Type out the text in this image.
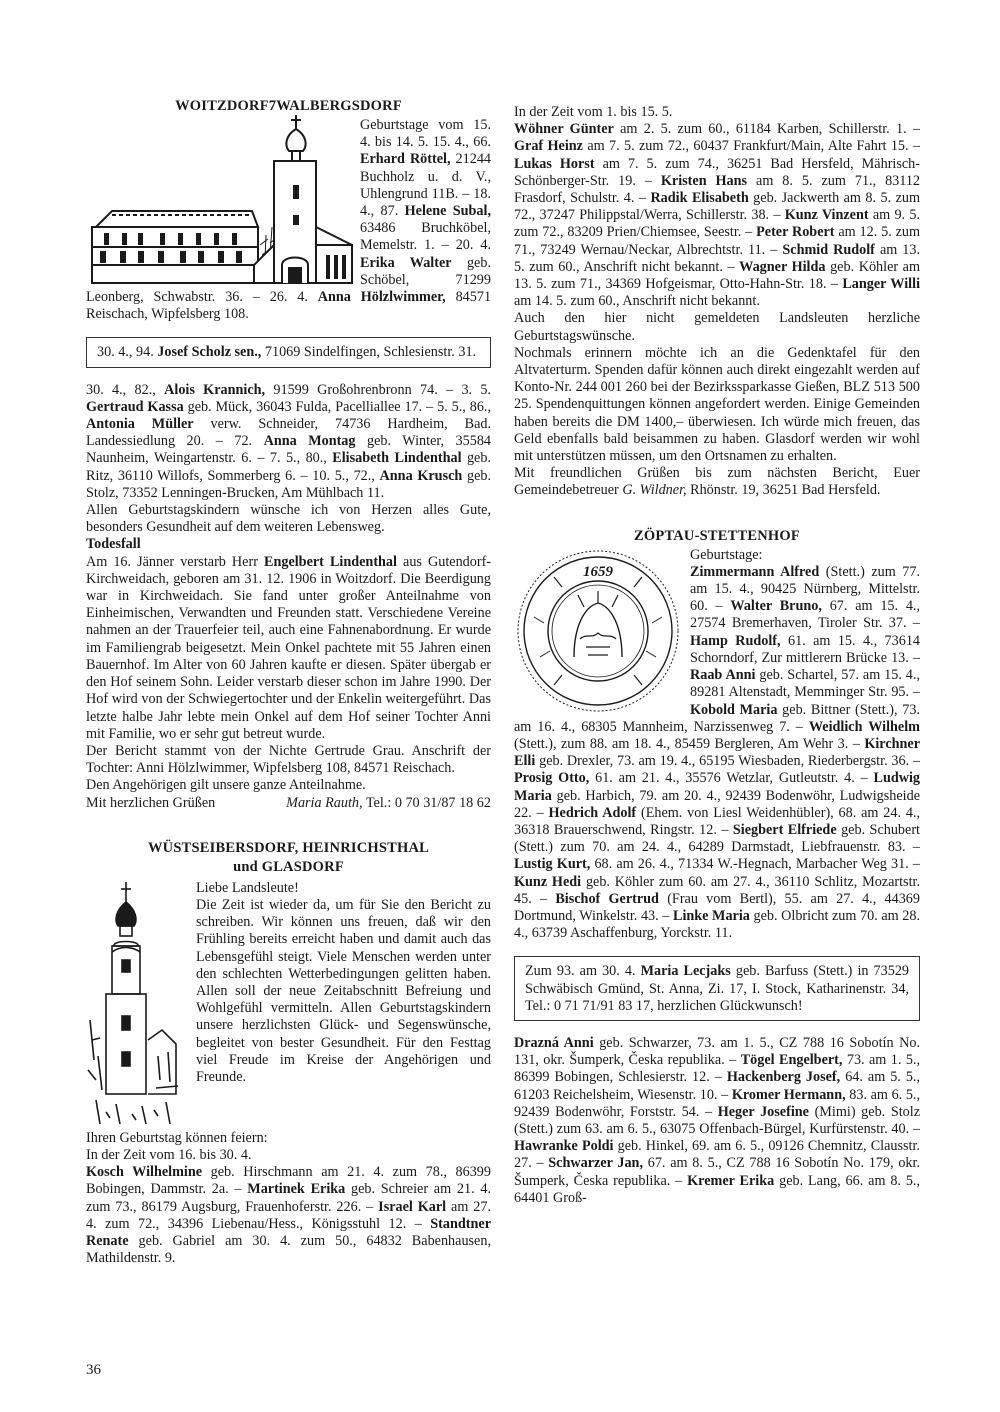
WOITZDORF7WALBERGSDORF

Geburtstage vom 15. 4. bis 14. 5. 15. 4., 66. Erhard Röttel, 21244 Buchholz u. d. V., Uhlengrund 11B. – 18. 4., 87. Helene Subal, 63486 Bruchköbel, Memelstr. 1. – 20. 4. Erika Walter geb. Schöbel, 71299 Leonberg, Schwabstr. 36. – 26. 4. Anna Hölzlwimmer, 84571 Reischach, Wipfelsberg 108.

30. 4., 94. Josef Scholz sen., 71069 Sindelfingen, Schlesienstr. 31.

30. 4., 82., Alois Krannich, 91599 Großohrenbronn 74. – 3. 5. Gertraud Kassa geb. Mück, 36043 Fulda, Pacelliallee 17. – 5. 5., 86., Antonia Müller verw. Schneider, 74736 Hardheim, Bad. Landessiedlung 20. – 72. Anna Montag geb. Winter, 35584 Naunheim, Weingartenstr. 6. – 7. 5., 80., Elisabeth Lindenthal geb. Ritz, 36110 Willofs, Sommerberg 6. – 10. 5., 72., Anna Krusch geb. Stolz, 73352 Lenningen-Brucken, Am Mühlbach 11.

Allen Geburtstagskindern wünsche ich von Herzen alles Gute, besonders Gesundheit auf dem weiteren Lebensweg.

Todesfall

Am 16. Jänner verstarb Herr Engelbert Lindenthal aus Gutendorf-Kirchweidach, geboren am 31. 12. 1906 in Woitzdorf. Die Beerdigung war in Kirchweidach. Sie fand unter großer Anteilnahme von Einheimischen, Verwandten und Freunden statt. Verschiedene Vereine nahmen an der Trauerfeier teil, auch eine Fahnenabordnung. Er wurde im Familiengrab beigesetzt. Mein Onkel pachtete mit 55 Jahren einen Bauernhof. Im Alter von 60 Jahren kaufte er diesen. Später übergab er den Hof seinem Sohn. Leider verstarb dieser schon im Jahre 1990. Der Hof wird von der Schwiegertochter und der Enkelin weitergeführt. Das letzte halbe Jahr lebte mein Onkel auf dem Hof seiner Tochter Anni mit Familie, wo er sehr gut betreut wurde.

Der Bericht stammt von der Nichte Gertrude Grau. Anschrift der Tochter: Anni Hölzlwimmer, Wipfelsberg 108, 84571 Reischach.

Den Angehörigen gilt unsere ganze Anteilnahme.

Mit herzlichen Grüßen	Maria Rauth, Tel.: 0 70 31/87 18 62

WÜSTSEIBERSDORF, HEINRICHSTHAL
und GLASDORF

Liebe Landsleute!

Die Zeit ist wieder da, um für Sie den Bericht zu schreiben. Wir können uns freuen, daß wir den Frühling bereits erreicht haben und damit auch das Lebensgefühl steigt. Viele Menschen werden unter den schlechten Wetterbedingungen gelitten haben. Allen soll der neue Zeitabschnitt Befreiung und Wohlgefühl vermitteln. Allen Geburtstagskindern unsere herzlichsten Glück- und Segenswünsche, begleitet von bester Gesundheit. Für den Festtag viel Freude im Kreise der Angehörigen und Freunde.

Ihren Geburtstag können feiern:

In der Zeit vom 16. bis 30. 4.

Kosch Wilhelmine geb. Hirschmann am 21. 4. zum 78., 86399 Bobingen, Dammstr. 2a. – Martinek Erika geb. Schreier am 21. 4. zum 73., 86179 Augsburg, Frauenhoferstr. 226. – Israel Karl am 27. 4. zum 72., 34396 Liebenau/Hess., Königsstuhl 12. – Standtner Renate geb. Gabriel am 30. 4. zum 50., 64832 Babenhausen, Mathildenstr. 9.

36

In der Zeit vom 1. bis 15. 5.

Wöhner Günter am 2. 5. zum 60., 61184 Karben, Schillerstr. 1. – Graf Heinz am 7. 5. zum 72., 60437 Frankfurt/Main, Alte Fahrt 15. – Lukas Horst am 7. 5. zum 74., 36251 Bad Hersfeld, Mährisch-Schönberger-Str. 19. – Kristen Hans am 8. 5. zum 71., 83112 Frasdorf, Schulstr. 4. – Radik Elisabeth geb. Jackwerth am 8. 5. zum 72., 37247 Philippstal/Werra, Schillerstr. 38. – Kunz Vinzent am 9. 5. zum 72., 83209 Prien/Chiemsee, Seestr. – Peter Robert am 12. 5. zum 71., 73249 Wernau/Neckar, Albrechtstr. 11. – Schmid Rudolf am 13. 5. zum 60., Anschrift nicht bekannt. – Wagner Hilda geb. Köhler am 13. 5. zum 71., 34369 Hofgeismar, Otto-Hahn-Str. 18. – Langer Willi am 14. 5. zum 60., Anschrift nicht bekannt.

Auch den hier nicht gemeldeten Landsleuten herzliche Geburtstagswünsche.

Nochmals erinnern möchte ich an die Gedenktafel für den Altvaterturm. Spenden dafür können auch direkt eingezahlt werden auf Konto-Nr. 244 001 260 bei der Bezirkssparkasse Gießen, BLZ 513 500 25. Spendenquittungen können angefordert werden. Einige Gemeinden haben bereits die DM 1400,– überwiesen. Ich würde mich freuen, das Geld ebenfalls bald beisammen zu haben. Glasdorf werden wir wohl mit unterstützen müssen, um den Ortsnamen zu erhalten.

Mit freundlichen Grüßen bis zum nächsten Bericht, Euer Gemeindebetreuer G. Wildner, Rhönstr. 19, 36251 Bad Hersfeld.

ZÖPTAU-STETTENHOF
1659

Geburtstage:

Zimmermann Alfred (Stett.) zum 77. am 15. 4., 90425 Nürnberg, Mittelstr. 60. – Walter Bruno, 67. am 15. 4., 27574 Bremerhaven, Tiroler Str. 37. – Hamp Rudolf, 61. am 15. 4., 73614 Schorndorf, Zur mittlerern Brücke 13. – Raab Anni geb. Schartel, 57. am 15. 4., 89281 Altenstadt, Memminger Str. 95. – Kobold Maria geb. Bittner (Stett.), 73. am 16. 4., 68305 Mannheim, Narzissenweg 7. – Weidlich Wilhelm (Stett.), zum 88. am 18. 4., 85459 Bergleren, Am Wehr 3. – Kirchner Elli geb. Drexler, 73. am 19. 4., 65195 Wiesbaden, Riederbergstr. 36. – Prosig Otto, 61. am 21. 4., 35576 Wetzlar, Gutleutstr. 4. – Ludwig Maria geb. Harbich, 79. am 20. 4., 92439 Bodenwöhr, Ludwigsheide 22. – Hedrich Adolf (Ehem. von Liesl Weidenhübler), 68. am 24. 4., 36318 Brauerschwend, Ringstr. 12. – Siegbert Elfriede geb. Schubert (Stett.) zum 70. am 24. 4., 64289 Darmstadt, Liebfrauenstr. 83. – Lustig Kurt, 68. am 26. 4., 71334 W.-Hegnach, Marbacher Weg 31. – Kunz Hedi geb. Köhler zum 60. am 27. 4., 36110 Schlitz, Mozartstr. 45. – Bischof Gertrud (Frau vom Bertl), 55. am 27. 4., 44369 Dortmund, Winkelstr. 43. – Linke Maria geb. Olbricht zum 70. am 28. 4., 63739 Aschaffenburg, Yorckstr. 11.

Zum 93. am 30. 4. Maria Lecjaks geb. Barfuss (Stett.) in 73529 Schwäbisch Gmünd, St. Anna, Zi. 17, I. Stock, Katharinenstr. 34, Tel.: 0 71 71/91 83 17, herzlichen Glückwunsch!

Drazná Anni geb. Schwarzer, 73. am 1. 5., CZ 788 16 Sobotín No. 131, okr. Šumperk, Česka republika. – Tögel Engelbert, 73. am 1. 5., 86399 Bobingen, Schlesierstr. 12. – Hackenberg Josef, 64. am 5. 5., 61203 Reichelsheim, Wiesenstr. 10. – Kromer Hermann, 83. am 6. 5., 92439 Bodenwöhr, Forststr. 54. – Heger Josefine (Mimi) geb. Stolz (Stett.) zum 63. am 6. 5., 63075 Offenbach-Bürgel, Kurfürstenstr. 40. – Hawranke Poldi geb. Hinkel, 69. am 6. 5., 09126 Chemnitz, Clausstr. 27. – Schwarzer Jan, 67. am 8. 5., CZ 788 16 Sobotín No. 179, okr. Šumperk, Česka republika. – Kremer Erika geb. Lang, 66. am 8. 5., 64401 Groß-
